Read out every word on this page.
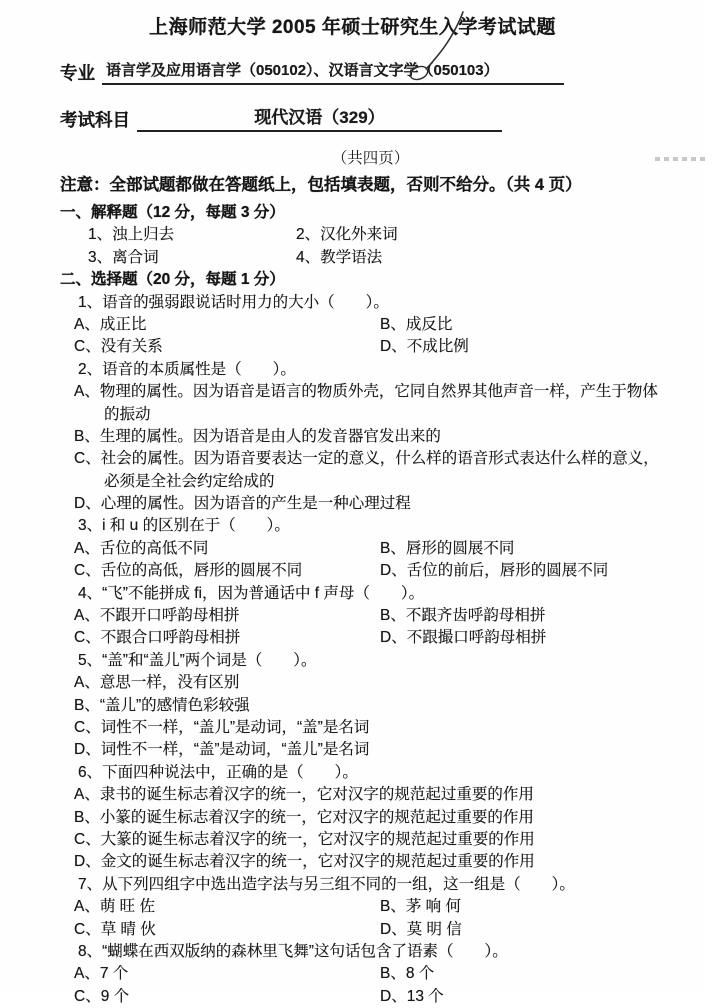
上海师范大学 2005 年硕士研究生入学考试试题
专业 语言学及应用语言学（050102）、汉语言文字学（050103）
考试科目	现代汉语（329）
（共四页）
注意：全部试题都做在答题纸上，包括填表题，否则不给分。（共 4 页）
一、解释题（12 分，每题 3 分）
1、浊上归去	2、汉化外来词
3、离合词	4、教学语法
二、选择题（20 分，每题 1 分）
1、语音的强弱跟说话时用力的大小（　　）。
A、成正比	B、成反比
C、没有关系	D、不成比例
2、语音的本质属性是（　　）。
A、物理的属性。因为语音是语言的物质外壳，它同自然界其他声音一样，产生于物体
的振动
B、生理的属性。因为语音是由人的发音器官发出来的
C、社会的属性。因为语音要表达一定的意义，什么样的语音形式表达什么样的意义，
必须是全社会约定给成的
D、心理的属性。因为语音的产生是一种心理过程
3、i 和 u 的区别在于（　　）。
A、舌位的高低不同	B、唇形的圆展不同
C、舌位的高低，唇形的圆展不同	D、舌位的前后，唇形的圆展不同
4、“飞”不能拼成 fi，因为普通话中 f 声母（　　）。
A、不跟开口呼韵母相拼	B、不跟齐齿呼韵母相拼
C、不跟合口呼韵母相拼	D、不跟撮口呼韵母相拼
5、“盖”和“盖儿”两个词是（　　）。
A、意思一样，没有区别
B、“盖儿”的感情色彩较强
C、词性不一样，“盖儿”是动词，“盖”是名词
D、词性不一样，“盖”是动词，“盖儿”是名词
6、下面四种说法中，正确的是（　　）。
A、隶书的诞生标志着汉字的统一，它对汉字的规范起过重要的作用
B、小篆的诞生标志着汉字的统一，它对汉字的规范起过重要的作用
C、大篆的诞生标志着汉字的统一，它对汉字的规范起过重要的作用
D、金文的诞生标志着汉字的统一，它对汉字的规范起过重要的作用
7、从下列四组字中选出造字法与另三组不同的一组，这一组是（　　）。
A、萌 旺 佐	B、茅 响 何
C、草 晴 伙	D、莫 明 信
8、“蝴蝶在西双版纳的森林里飞舞”这句话包含了语素（　　）。
A、7 个	B、8 个
C、9 个	D、13 个
